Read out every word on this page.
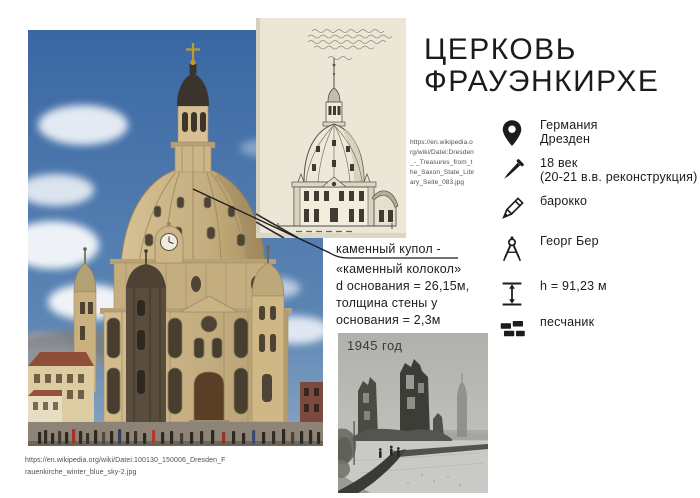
1945 год
ЦЕРКОВЬ
ФРАУЭНКИРХЕ
Германия
Дрезден
18 век
(20-21 в.в. реконструкция)
барокко
Георг Бер
h = 91,23 м
песчаник
каменный купол -
«каменный колокол»
d основания = 26,15м,
толщина стены у
основания = 2,3м
https://en.wikipedia.o
rg/wiki/Datei:Dresden
_-_Treasures_from_t
he_Saxon_State_Libr
ary_Seite_083.jpg
https://en.wikipedia.org/wiki/Datei:100130_150006_Dresden_F
rauenkirche_winter_blue_sky-2.jpg
